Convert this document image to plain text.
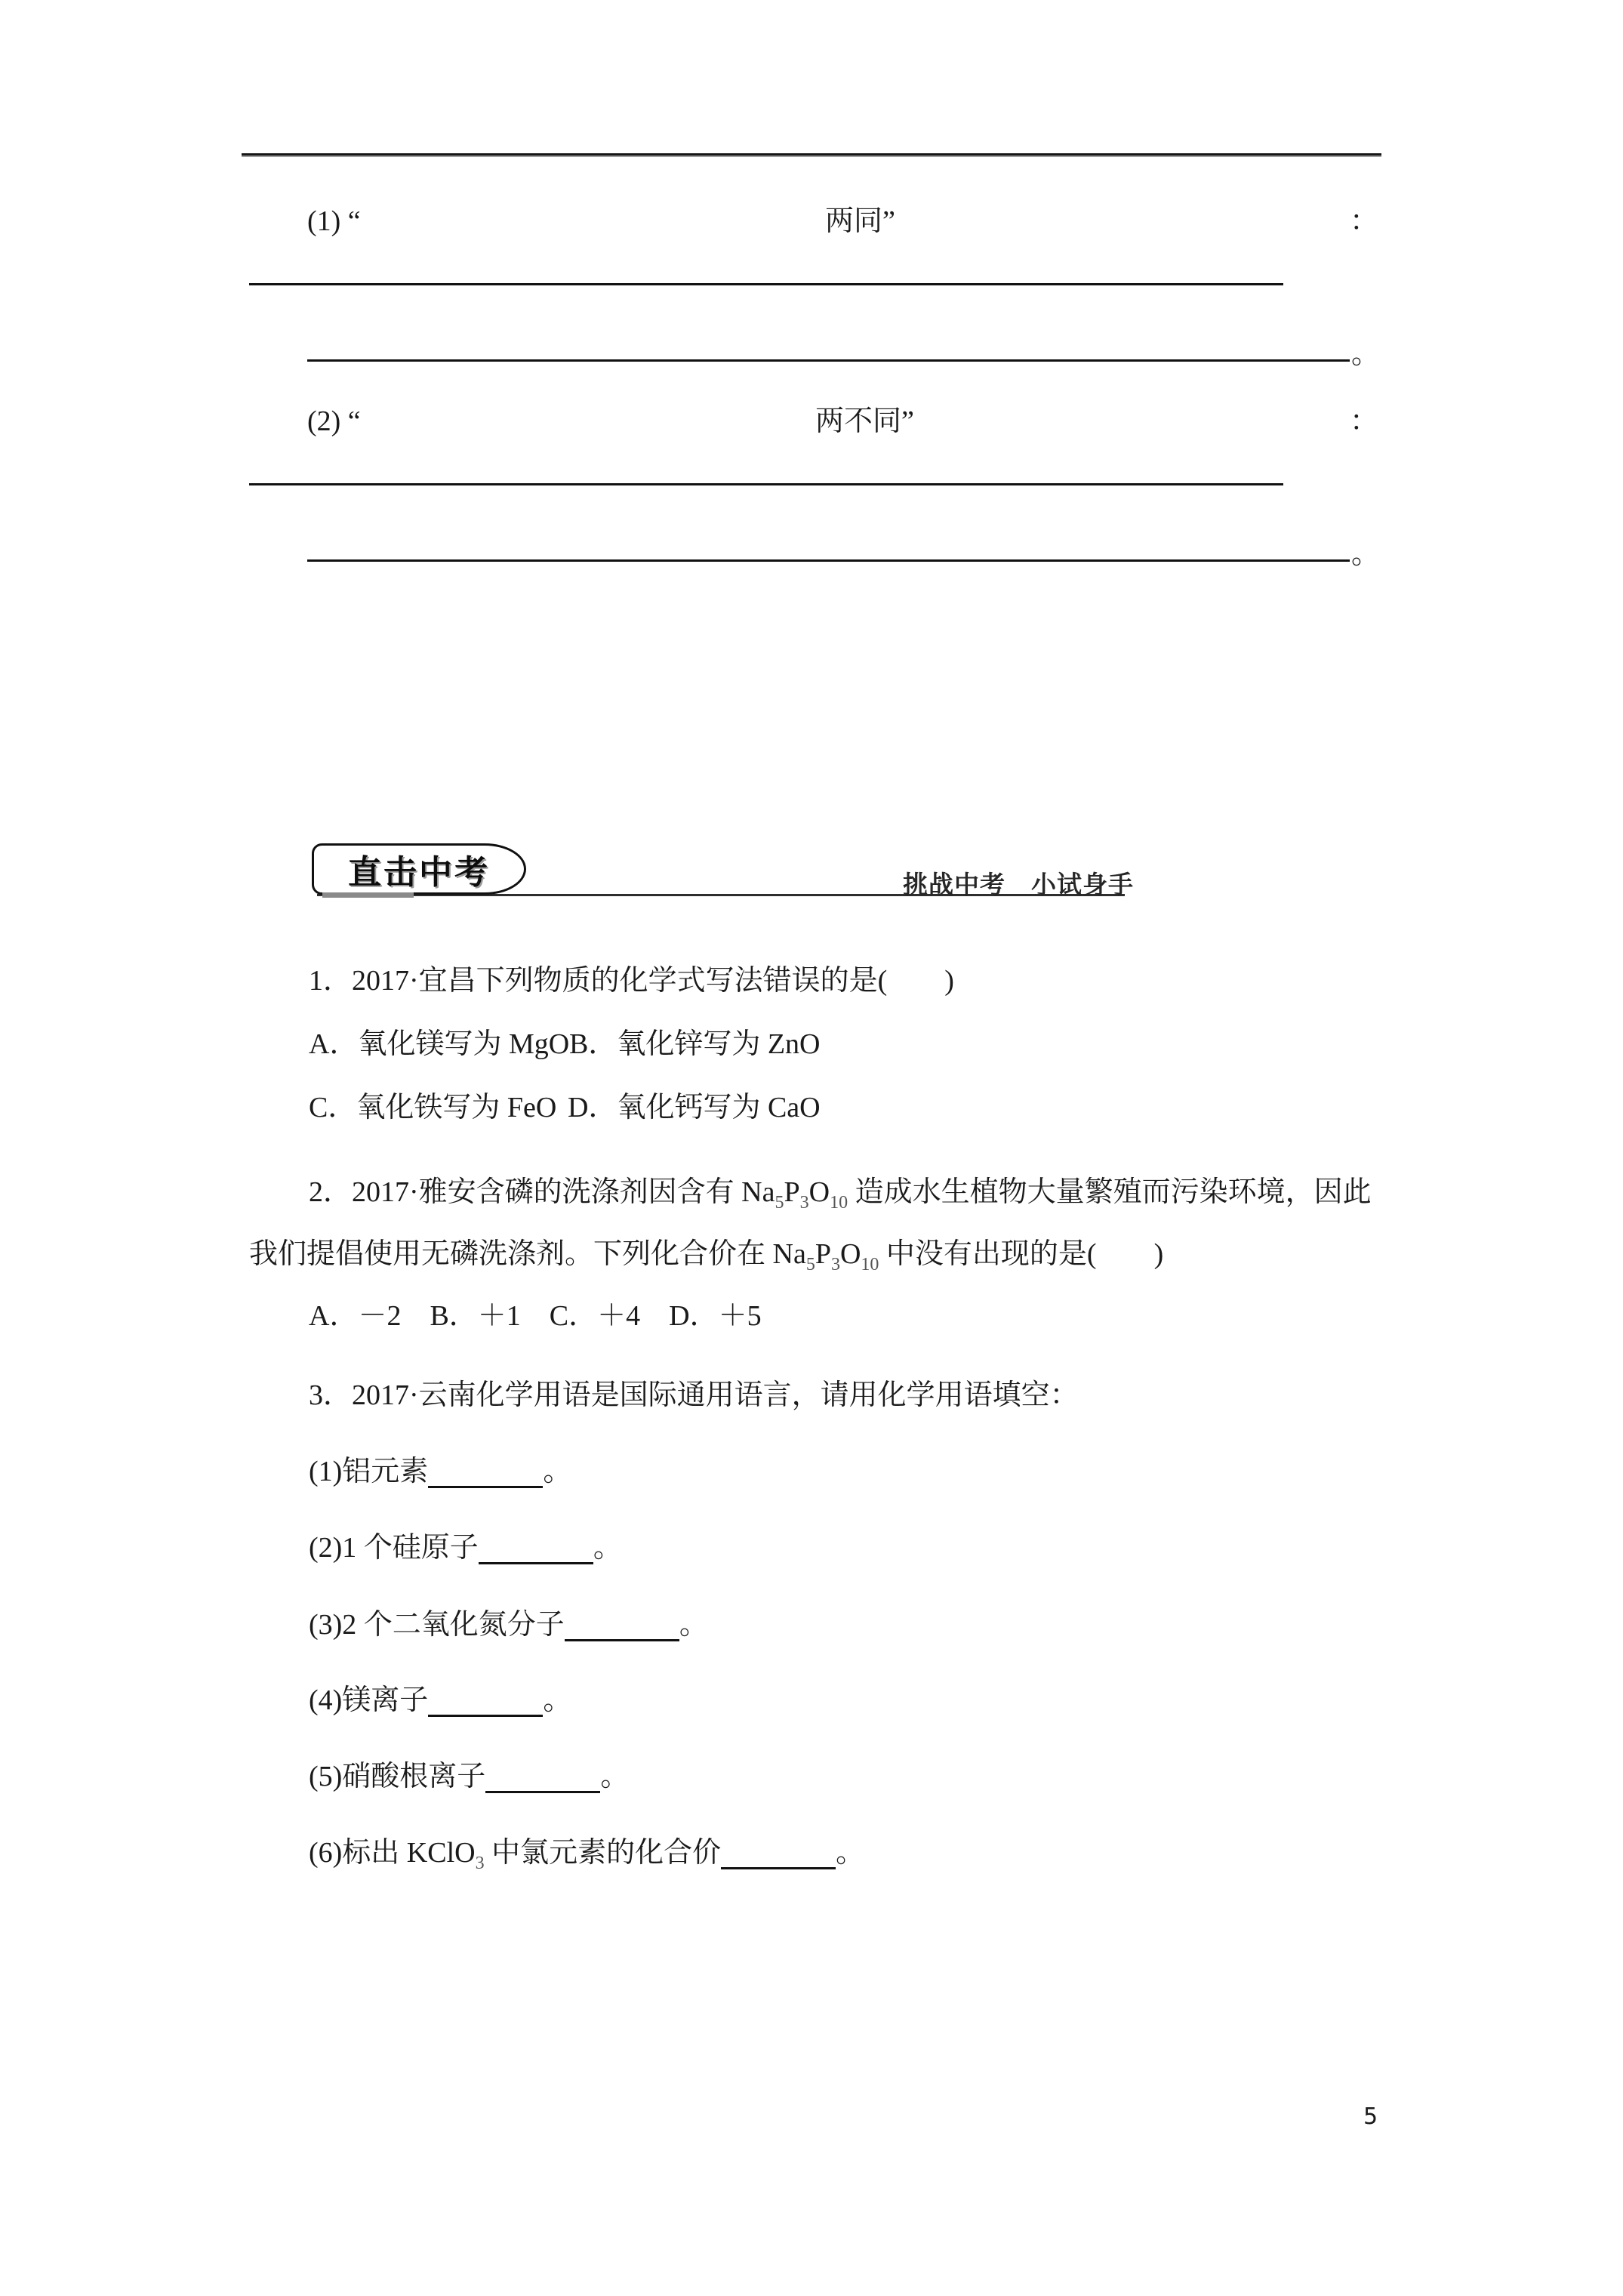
(1) “	两同”	：
。
(2) “	两不同”	：
。
直击中考	挑战中考　小试身手
1．2017·宜昌下列物质的化学式写法错误的是(　　)
A．氧化镁写为 MgO B．氧化锌写为 ZnO
C．氧化铁写为 FeO D．氧化钙写为 CaO
2．2017·雅安含磷的洗涤剂因含有 $Na_5P_3O_{10}$ 造成水生植物大量繁殖而污染环境，因此
我们提倡使用无磷洗涤剂。下列化合价在 $Na_5P_3O_{10}$ 中没有出现的是(　　)
A．－2　B．＋1　C．＋4　D．＋5
3．2017·云南化学用语是国际通用语言，请用化学用语填空：
(1)铝元素	。
(2)1 个硅原子	。
(3)2 个二氧化氮分子	。
(4)镁离子	。
(5)硝酸根离子	。
(6)标出 KClO$_3$ 中氯元素的化合价	。
5
